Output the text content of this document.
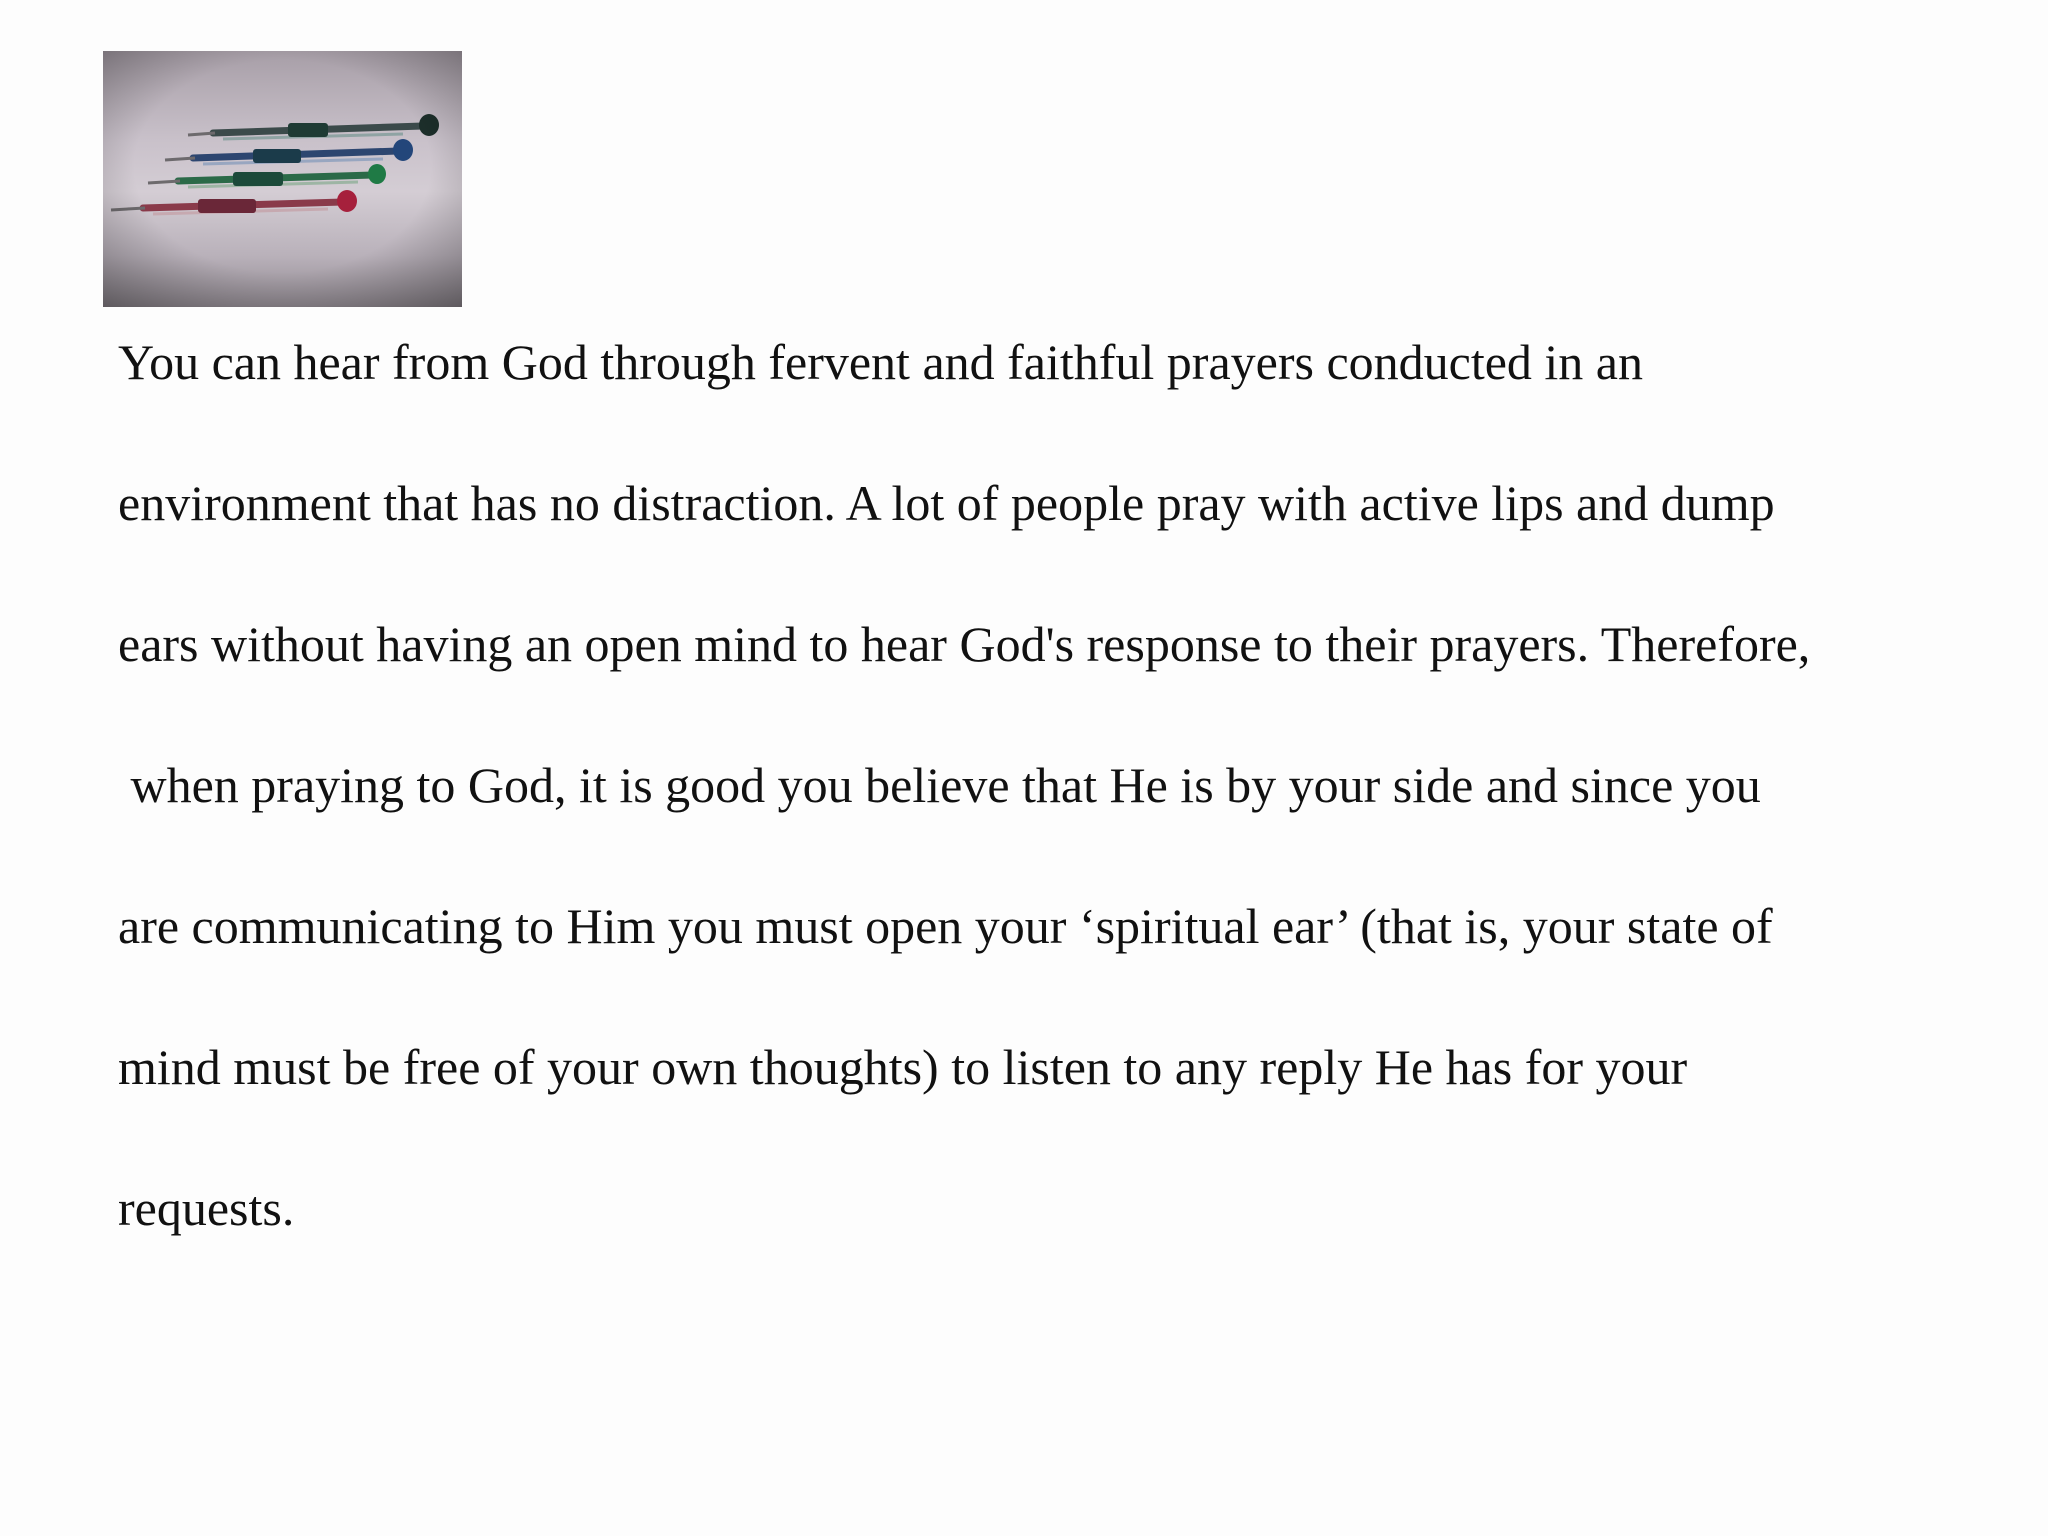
You can hear from God through fervent and faithful prayers conducted in an
environment that has no distraction. A lot of people pray with active lips and dump
ears without having an open mind to hear God's response to their prayers. Therefore,
when praying to God, it is good you believe that He is by your side and since you
are communicating to Him you must open your ‘spiritual ear’ (that is, your state of
mind must be free of your own thoughts) to listen to any reply He has for your
requests.
